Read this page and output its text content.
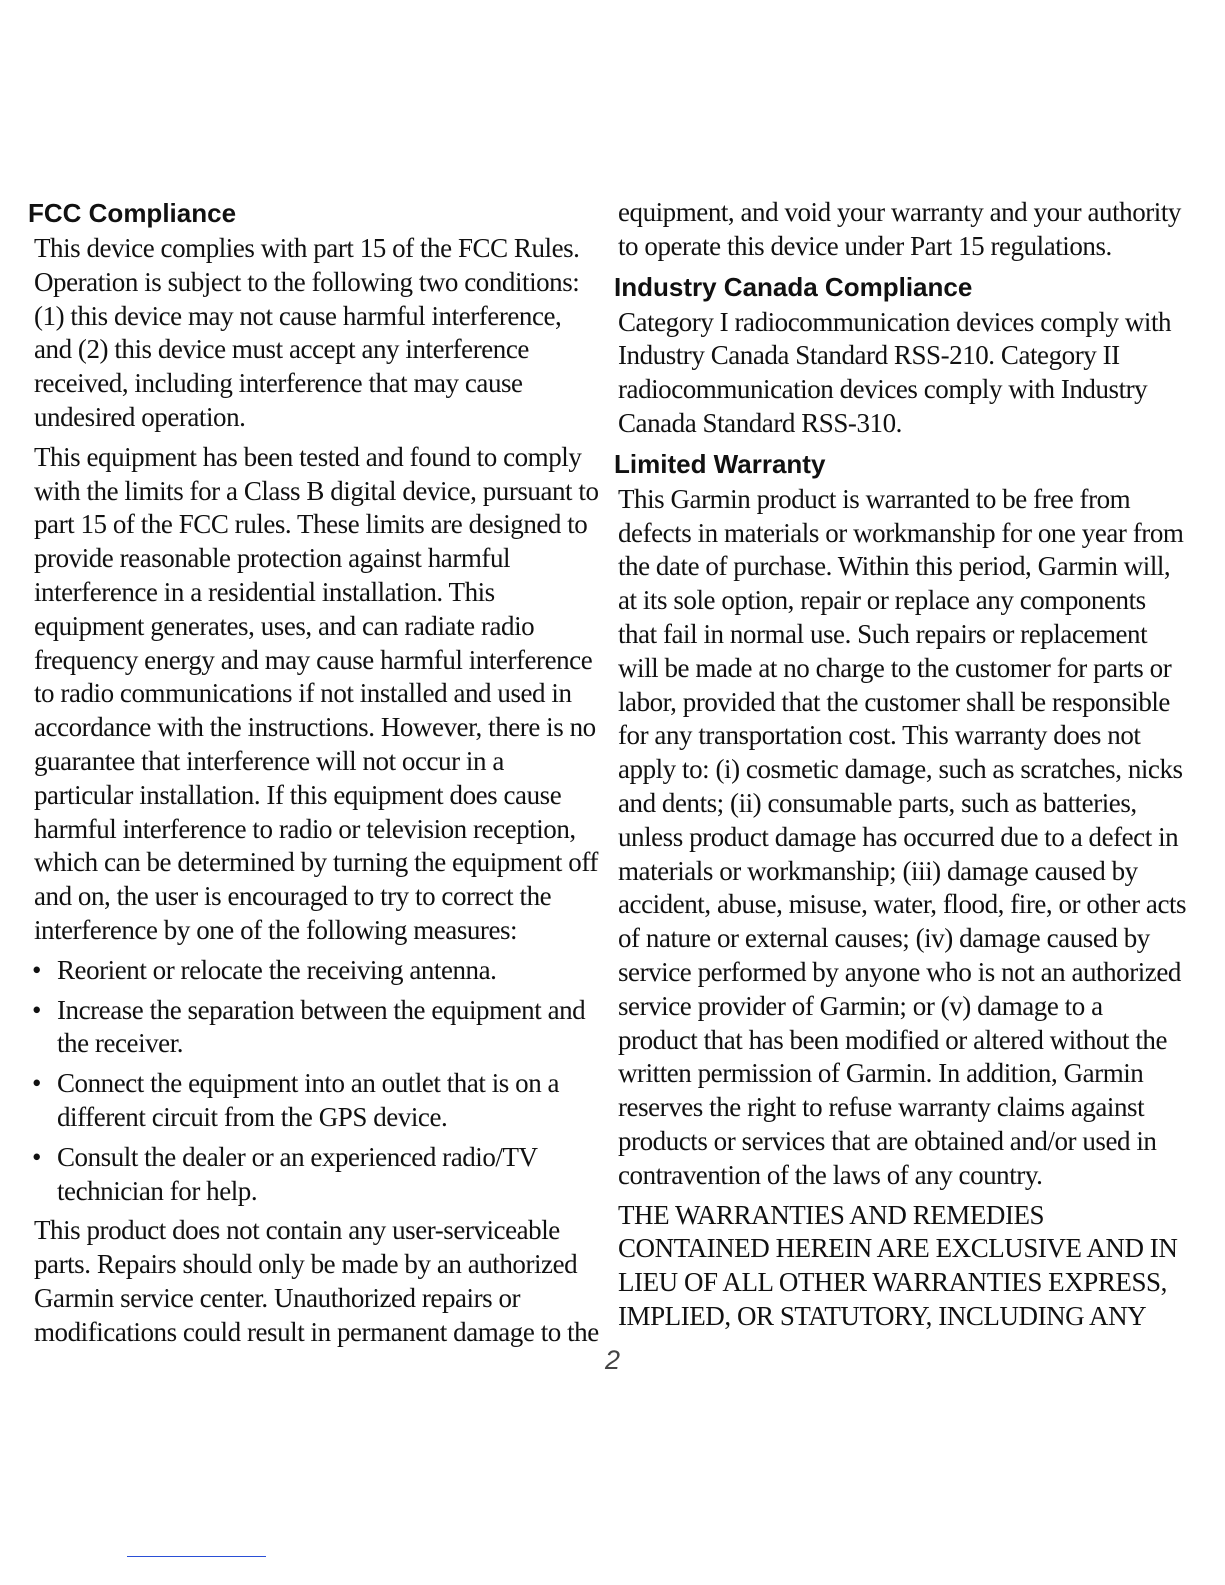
FCC Compliance

This device complies with part 15 of the FCC Rules. Operation is subject to the following two conditions: (1) this device may not cause harmful interference, and (2) this device must accept any interference received, including interference that may cause undesired operation.

This equipment has been tested and found to comply with the limits for a Class B digital device, pursuant to part 15 of the FCC rules. These limits are designed to provide reasonable protection against harmful interference in a residential installation. This equipment generates, uses, and can radiate radio frequency energy and may cause harmful interference to radio communications if not installed and used in accordance with the instructions. However, there is no guarantee that interference will not occur in a particular installation. If this equipment does cause harmful interference to radio or television reception, which can be determined by turning the equipment off and on, the user is encouraged to try to correct the interference by one of the following measures:

• Reorient or relocate the receiving antenna.
• Increase the separation between the equipment and the receiver.
• Connect the equipment into an outlet that is on a different circuit from the GPS device.
• Consult the dealer or an experienced radio/TV technician for help.

This product does not contain any user-serviceable parts. Repairs should only be made by an authorized Garmin service center. Unauthorized repairs or modifications could result in permanent damage to the

equipment, and void your warranty and your authority to operate this device under Part 15 regulations.

Industry Canada Compliance

Category I radiocommunication devices comply with Industry Canada Standard RSS-210. Category II radiocommunication devices comply with Industry Canada Standard RSS-310.

Limited Warranty

This Garmin product is warranted to be free from defects in materials or workmanship for one year from the date of purchase. Within this period, Garmin will, at its sole option, repair or replace any components that fail in normal use. Such repairs or replacement will be made at no charge to the customer for parts or labor, provided that the customer shall be responsible for any transportation cost. This warranty does not apply to: (i) cosmetic damage, such as scratches, nicks and dents; (ii) consumable parts, such as batteries, unless product damage has occurred due to a defect in materials or workmanship; (iii) damage caused by accident, abuse, misuse, water, flood, fire, or other acts of nature or external causes; (iv) damage caused by service performed by anyone who is not an authorized service provider of Garmin; or (v) damage to a product that has been modified or altered without the written permission of Garmin. In addition, Garmin reserves the right to refuse warranty claims against products or services that are obtained and/or used in contravention of the laws of any country.

THE WARRANTIES AND REMEDIES CONTAINED HEREIN ARE EXCLUSIVE AND IN LIEU OF ALL OTHER WARRANTIES EXPRESS, IMPLIED, OR STATUTORY, INCLUDING ANY

2
